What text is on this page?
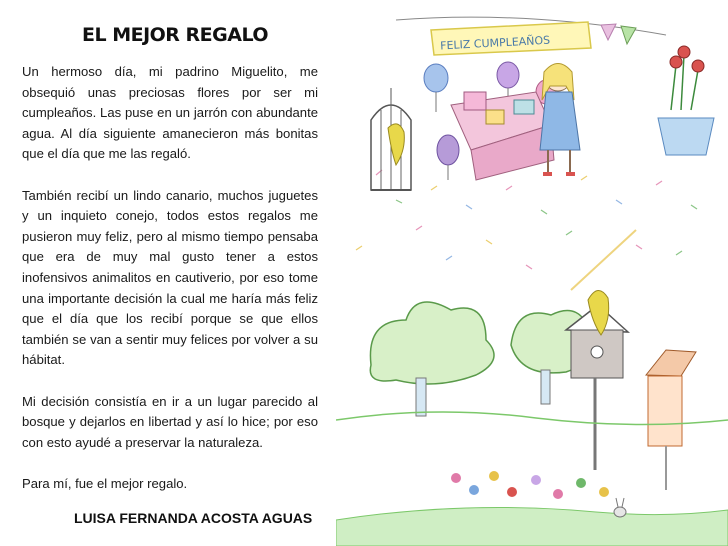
EL MEJOR REGALO

Un hermoso día, mi padrino Miguelito, me obsequió unas preciosas flores por ser mi cumpleaños. Las puse en un jarrón con abundante agua. Al día siguiente amanecieron más bonitas que el día que me las regaló.

También recibí un lindo canario, muchos juguetes y un inquieto conejo, todos estos regalos me pusieron muy feliz, pero al mismo tiempo pensaba que era de muy mal gusto tener a estos inofensivos animalitos en cautiverio, por eso tome una importante decisión la cual me haría más feliz que el día que los recibí porque se que ellos también se van a sentir muy felices por volver a su hábitat.

Mi decisión consistía en ir a un lugar parecido al bosque y dejarlos en libertad y así lo hice; por eso con esto ayudé a preservar la naturaleza.

Para mí, fue el mejor regalo.

LUISA FERNANDA ACOSTA AGUAS
FELIZ CUMPLEAÑOS
